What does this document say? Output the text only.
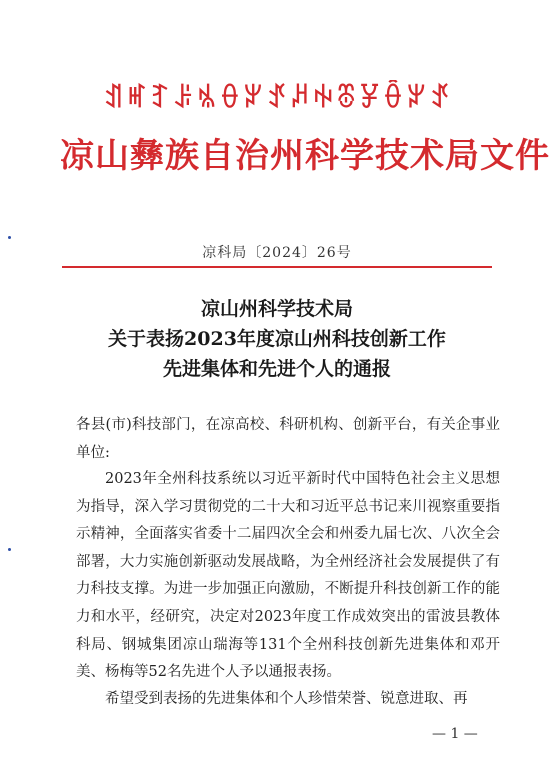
ꀊꎭꆈꌠꁱꂷꏃꀋꈚꑭꁨꐯꂶꏃꀋ
凉山彝族自治州科学技术局文件
凉科局〔2024〕26号
凉山州科学技术局
关于表扬2023年度凉山州科技创新工作
先进集体和先进个人的通报

各县(市)科技部门，在凉高校、科研机构、创新平台，有关企事业单位:

2023年全州科技系统以习近平新时代中国特色社会主义思想为指导，深入学习贯彻党的二十大和习近平总书记来川视察重要指示精神，全面落实省委十二届四次全会和州委九届七次、八次全会部署，大力实施创新驱动发展战略，为全州经济社会发展提供了有力科技支撑。为进一步加强正向激励，不断提升科技创新工作的能力和水平，经研究，决定对2023年度工作成效突出的雷波县教体科局、钢城集团凉山瑞海等131个全州科技创新先进集体和邓开美、杨梅等52名先进个人予以通报表扬。

希望受到表扬的先进集体和个人珍惜荣誉、锐意进取、再

— 1 —
